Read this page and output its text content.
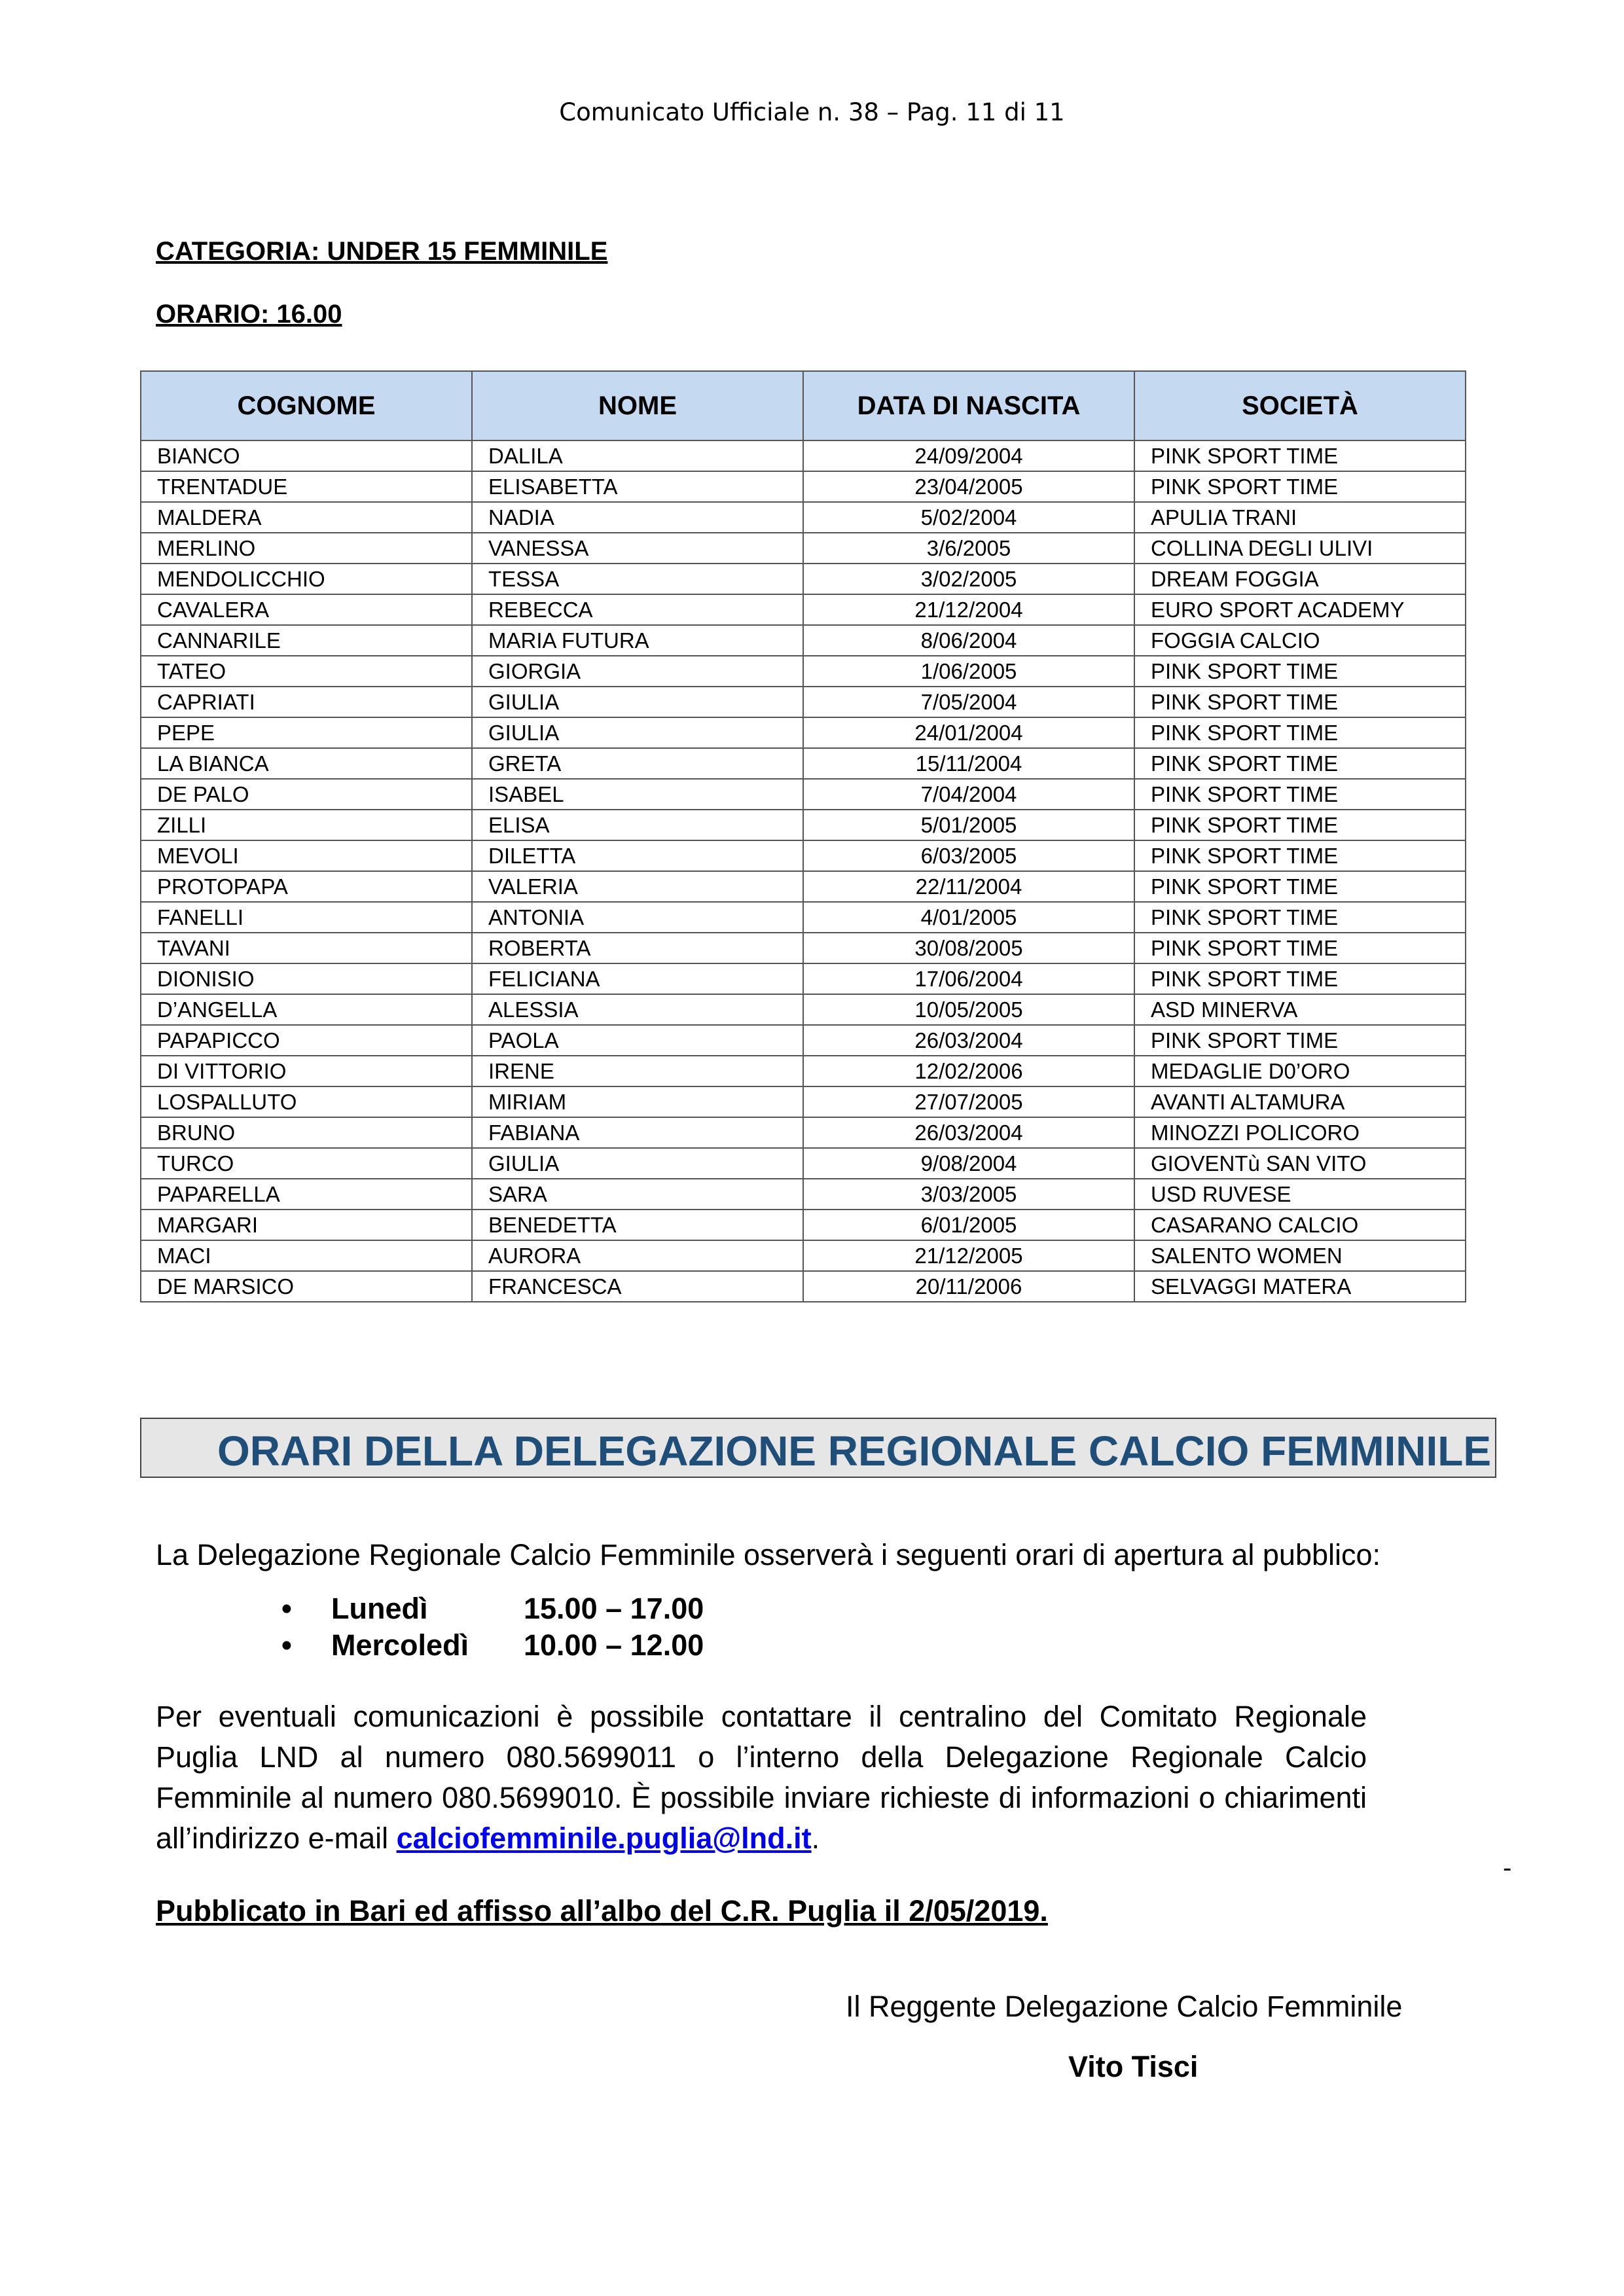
Comunicato Ufficiale n. 38 – Pag. 11 di 11
CATEGORIA: UNDER 15 FEMMINILE
ORARIO: 16.00
COGNOME	NOME	DATA DI NASCITA	SOCIETÀ
BIANCO	DALILA	24/09/2004	PINK SPORT TIME
TRENTADUE	ELISABETTA	23/04/2005	PINK SPORT TIME
MALDERA	NADIA	5/02/2004	APULIA TRANI
MERLINO	VANESSA	3/6/2005	COLLINA DEGLI ULIVI
MENDOLICCHIO	TESSA	3/02/2005	DREAM FOGGIA
CAVALERA	REBECCA	21/12/2004	EURO SPORT ACADEMY
CANNARILE	MARIA FUTURA	8/06/2004	FOGGIA CALCIO
TATEO	GIORGIA	1/06/2005	PINK SPORT TIME
CAPRIATI	GIULIA	7/05/2004	PINK SPORT TIME
PEPE	GIULIA	24/01/2004	PINK SPORT TIME
LA BIANCA	GRETA	15/11/2004	PINK SPORT TIME
DE PALO	ISABEL	7/04/2004	PINK SPORT TIME
ZILLI	ELISA	5/01/2005	PINK SPORT TIME
MEVOLI	DILETTA	6/03/2005	PINK SPORT TIME
PROTOPAPA	VALERIA	22/11/2004	PINK SPORT TIME
FANELLI	ANTONIA	4/01/2005	PINK SPORT TIME
TAVANI	ROBERTA	30/08/2005	PINK SPORT TIME
DIONISIO	FELICIANA	17/06/2004	PINK SPORT TIME
D’ANGELLA	ALESSIA	10/05/2005	ASD MINERVA
PAPAPICCO	PAOLA	26/03/2004	PINK SPORT TIME
DI VITTORIO	IRENE	12/02/2006	MEDAGLIE D0’ORO
LOSPALLUTO	MIRIAM	27/07/2005	AVANTI ALTAMURA
BRUNO	FABIANA	26/03/2004	MINOZZI POLICORO
TURCO	GIULIA	9/08/2004	GIOVENTù SAN VITO
PAPARELLA	SARA	3/03/2005	USD RUVESE
MARGARI	BENEDETTA	6/01/2005	CASARANO CALCIO
MACI	AURORA	21/12/2005	SALENTO WOMEN
DE MARSICO	FRANCESCA	20/11/2006	SELVAGGI MATERA
ORARI DELLA DELEGAZIONE REGIONALE CALCIO FEMMINILE
La Delegazione Regionale Calcio Femminile osserverà i seguenti orari di apertura al pubblico:
• Lunedì	15.00 – 17.00
• Mercoledì 10.00 – 12.00
Per eventuali comunicazioni è possibile contattare il centralino del Comitato Regionale Puglia LND al numero 080.5699011 o l’interno della Delegazione Regionale Calcio Femminile al numero 080.5699010. È possibile inviare richieste di informazioni o chiarimenti all’indirizzo e-mail calciofemminile.puglia@lnd.it.
-
Pubblicato in Bari ed affisso all’albo del C.R. Puglia il 2/05/2019.
Il Reggente Delegazione Calcio Femminile
Vito Tisci
